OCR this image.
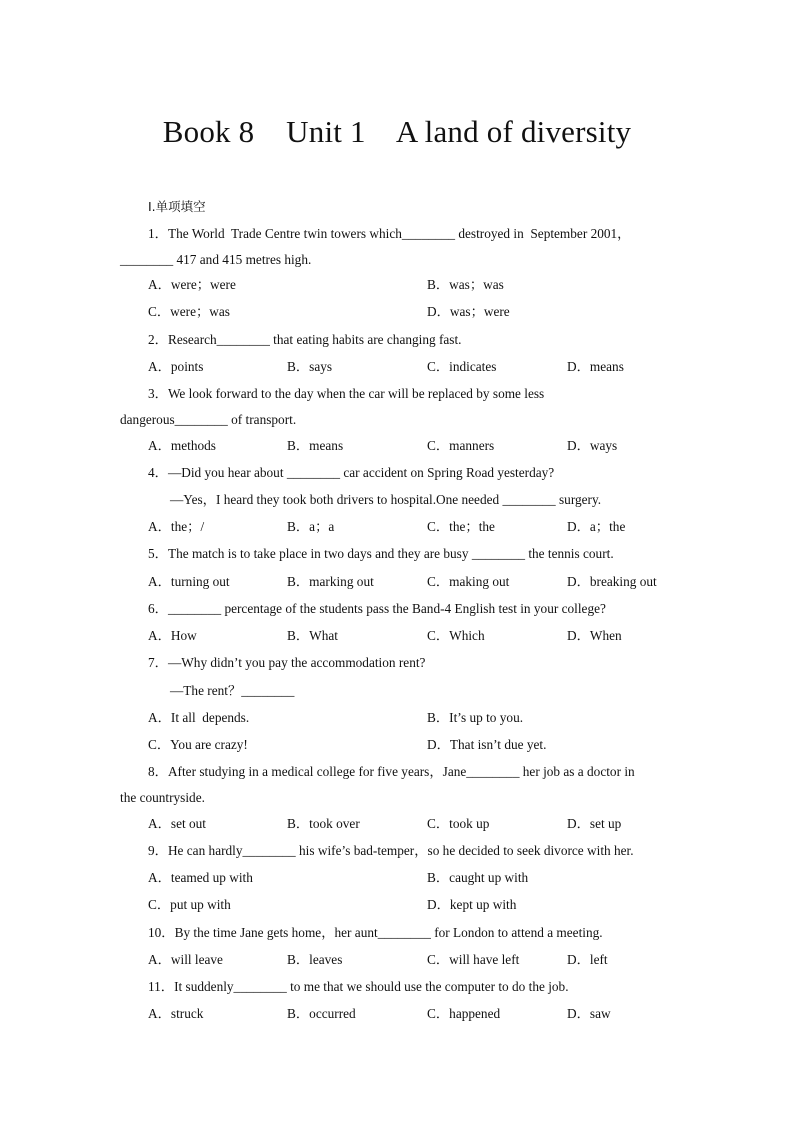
Book 8    Unit 1    A land of diversity
Ⅰ.单项填空
1．The World  Trade Centre twin towers which________ destroyed in  September 2001，
________ 417 and 415 metres high.
A．were；were	B．was；was
C．were；was	D．was；were
2．Research________ that eating habits are changing fast.
A．points	B．says	C．indicates	D．means
3．We look forward to the day when the car will be replaced by some less
dangerous________ of transport.
A．methods	B．means	C．manners	D．ways
4．—Did you hear about ________ car accident on Spring Road yesterday?
—Yes，I heard they took both drivers to hospital.One needed ________ surgery.
A．the；/	B．a；a	C．the；the	D．a；the
5．The match is to take place in two days and they are busy ________ the tennis court.
A．turning out	B．marking out	C．making out	D．breaking out
6．________ percentage of the students pass the Band-4 English test in your college?
A．How	B．What	C．Which	D．When
7．—Why didn’t you pay the accommodation rent?
—The rent？________
A．It all  depends.	B．It’s up to you.
C．You are crazy!	D．That isn’t due yet.
8．After studying in a medical college for five years，Jane________ her job as a doctor in
the countryside.
A．set out	B．took over	C．took up	D．set up
9．He can hardly________ his wife’s bad-temper，so he decided to seek divorce with her.
A．teamed up with	B．caught up with
C．put up with	D．kept up with
10．By the time Jane gets home，her aunt________ for London to attend a meeting.
A．will leave	B．leaves	C．will have left	D．left
11．It suddenly________ to me that we should use the computer to do the job.
A．struck	B．occurred	C．happened	D．saw
